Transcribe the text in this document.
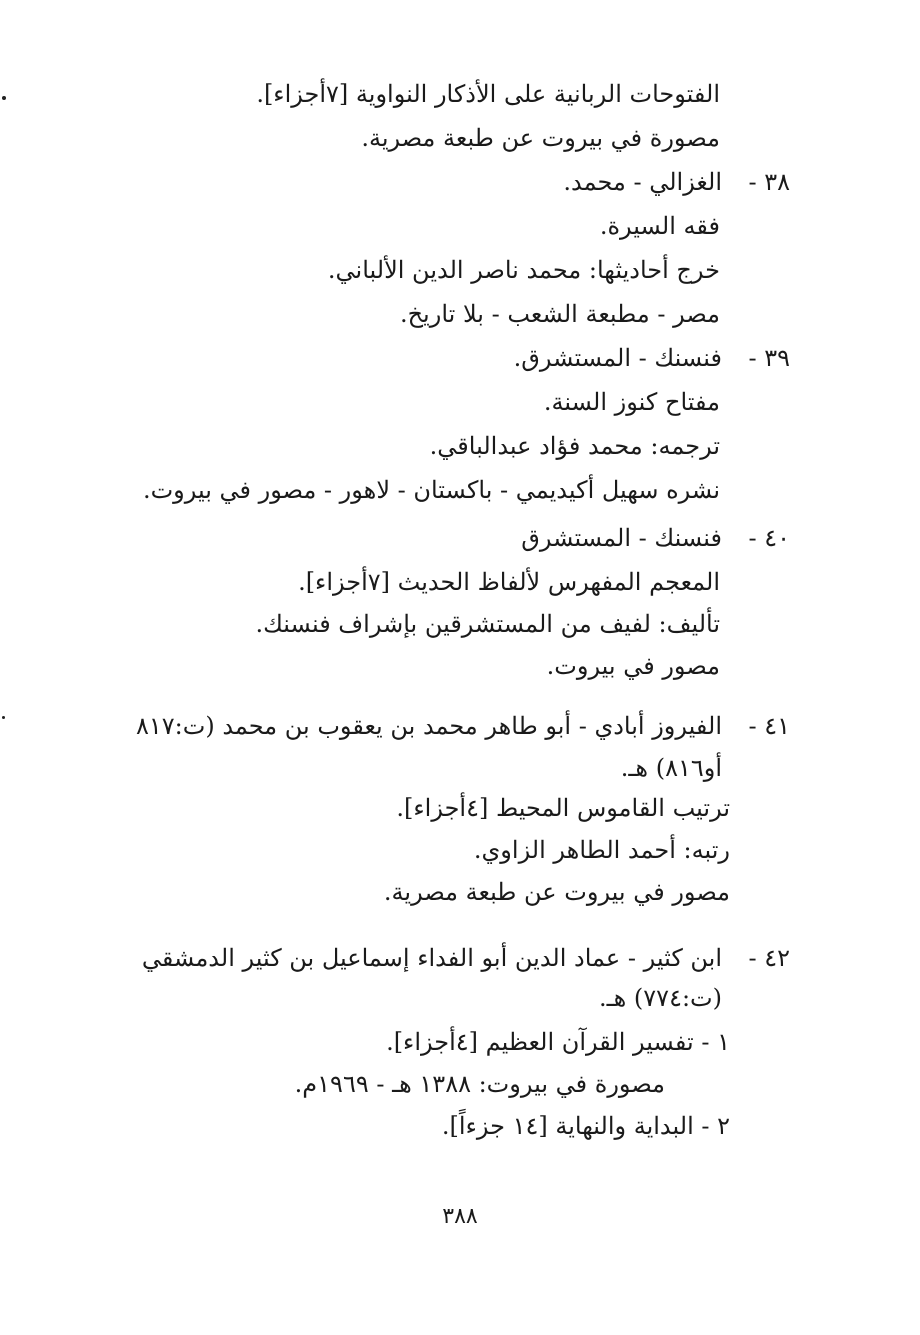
الفتوحات الربانية على الأذكار النواوية [٧أجزاء].
مصورة في بيروت عن طبعة مصرية.
٣٨ -
الغزالي - محمد.
فقه السيرة.
خرج أحاديثها: محمد ناصر الدين الألباني.
مصر - مطبعة الشعب - بلا تاريخ.
٣٩ -
فنسنك - المستشرق.
مفتاح كنوز السنة.
ترجمه: محمد فؤاد عبدالباقي.
نشره سهيل أكيديمي - باكستان - لاهور - مصور في بيروت.
٤٠ -
فنسنك - المستشرق
المعجم المفهرس لألفاظ الحديث [٧أجزاء].
تأليف: لفيف من المستشرقين بإشراف فنسنك.
مصور في بيروت.
٤١ -
الفيروز أبادي - أبو طاهر محمد بن يعقوب بن محمد (ت:٨١٧
أو٨١٦) هـ.
ترتيب القاموس المحيط [٤أجزاء].
رتبه: أحمد الطاهر الزاوي.
مصور في بيروت عن طبعة مصرية.
٤٢ -
ابن كثير - عماد الدين أبو الفداء إسماعيل بن كثير الدمشقي
(ت:٧٧٤) هـ.
١ - تفسير القرآن العظيم [٤أجزاء].
مصورة في بيروت: ١٣٨٨ هـ - ١٩٦٩م.
٢ - البداية والنهاية [١٤ جزءاً].
٣٨٨
